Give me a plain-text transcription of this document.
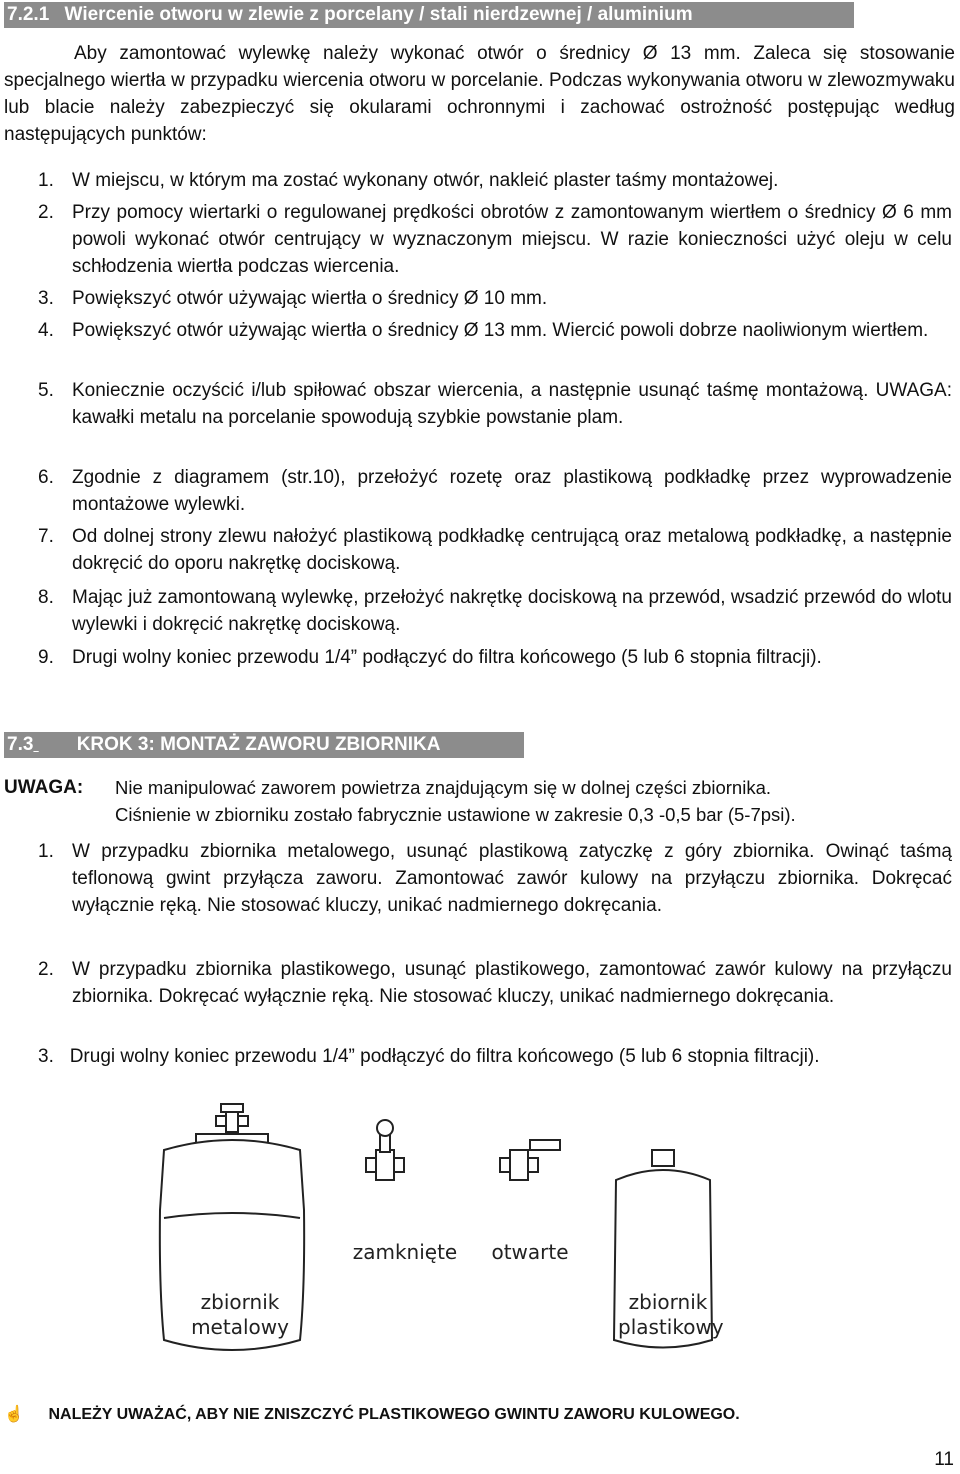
7.2.1 Wiercenie otworu w zlewie z porcelany / stali nierdzewnej / aluminium
Aby zamontować wylewkę należy wykonać otwór o średnicy Ø 13 mm. Zaleca się stosowanie specjalnego wiertła w przypadku wiercenia otworu w porcelanie. Podczas wykonywania otworu w zlewozmywaku lub blacie należy zabezpieczyć się okularami ochronnymi i zachować ostrożność postępując według następujących punktów:
1. W miejscu, w którym ma zostać wykonany otwór, nakleić plaster taśmy montażowej.
2. Przy pomocy wiertarki o regulowanej prędkości obrotów z zamontowanym wiertłem o średnicy Ø 6 mm powoli wykonać otwór centrujący w wyznaczonym miejscu. W razie konieczności użyć oleju w celu schłodzenia wiertła podczas wiercenia.
3. Powiększyć otwór używając wiertła o średnicy Ø 10 mm.
4. Powiększyć otwór używając wiertła o średnicy Ø 13 mm. Wiercić powoli dobrze naoliwionym wiertłem.
5. Koniecznie oczyścić i/lub spiłować obszar wiercenia, a następnie usunąć taśmę montażową. UWAGA: kawałki metalu na porcelanie spowodują szybkie powstanie plam.
6. Zgodnie z diagramem (str.10), przełożyć rozetę oraz plastikową podkładkę przez wyprowadzenie montażowe wylewki.
7. Od dolnej strony zlewu nałożyć plastikową podkładkę centrującą oraz metalową podkładkę, a następnie dokręcić do oporu nakrętkę dociskową.
8. Mając już zamontowaną wylewkę, przełożyć nakrętkę dociskową na przewód, wsadzić przewód do wlotu wylewki i dokręcić nakrętkę dociskową.
9. Drugi wolny koniec przewodu 1/4” podłączyć do filtra końcowego (5 lub 6 stopnia filtracji).
7.3 KROK 3: MONTAŻ ZAWORU ZBIORNIKA
UWAGA: Nie manipulować zaworem powietrza znajdującym się w dolnej części zbiornika.
Ciśnienie w zbiorniku zostało fabrycznie ustawione w zakresie 0,3 -0,5 bar (5-7psi).
1. W przypadku zbiornika metalowego, usunąć plastikową zatyczkę z góry zbiornika. Owinąć taśmą teflonową gwint przyłącza zaworu. Zamontować zawór kulowy na przyłączu zbiornika. Dokręcać wyłącznie ręką. Nie stosować kluczy, unikać nadmiernego dokręcania.
2. W przypadku zbiornika plastikowego, usunąć plastikowego, zamontować zawór kulowy na przyłączu zbiornika. Dokręcać wyłącznie ręką. Nie stosować kluczy, unikać nadmiernego dokręcania.
3. Drugi wolny koniec przewodu 1/4” podłączyć do filtra końcowego (5 lub 6 stopnia filtracji).
zbiornik metalowy
zamknięte	otwarte
zbiornik plastikowy
☝ NALEŻY UWAŻAĆ, ABY NIE ZNISZCZYĆ PLASTIKOWEGO GWINTU ZAWORU KULOWEGO.
11
